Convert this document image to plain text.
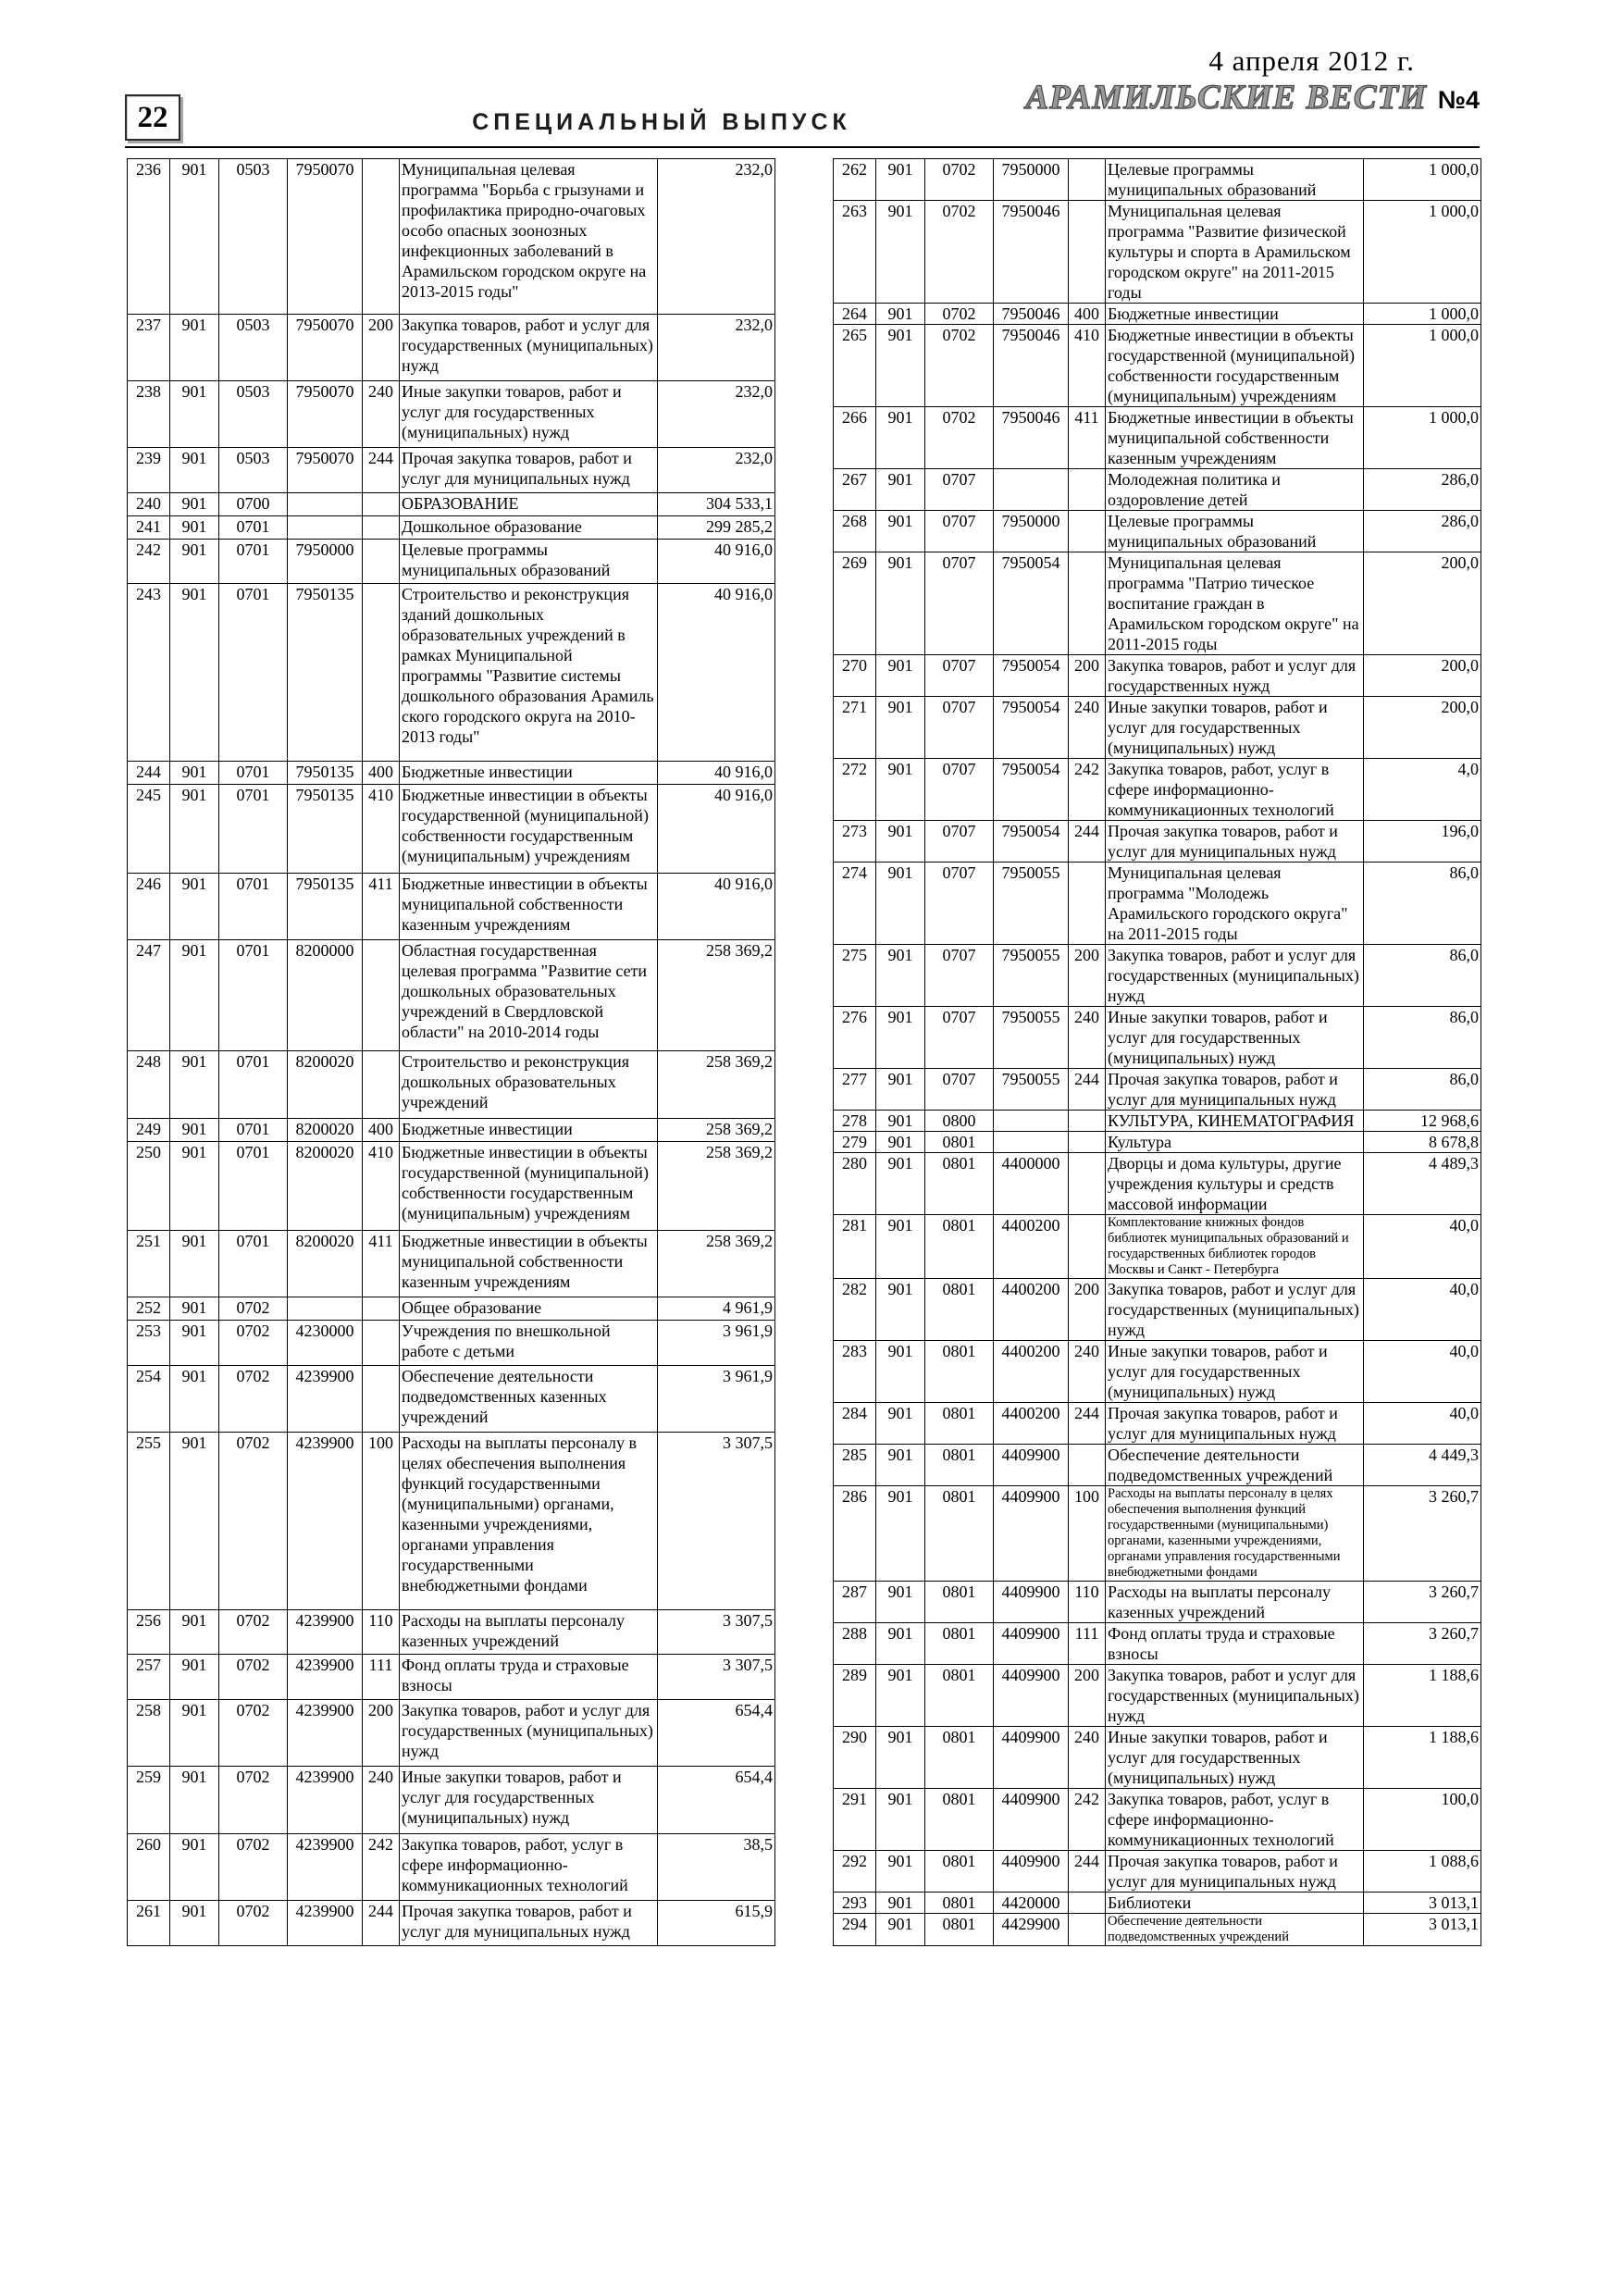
22	СПЕЦИАЛЬНЫЙ ВЫПУСК
4 апреля 2012 г.
АРАМИЛЬСКИЕ ВЕСТИ №4
236	901	0503	7950070		Муниципальная целевая программа "Борьба с грызунами и профилактика природно-очаговых особо опасных зоонозных инфекционных заболеваний в Арамильском городском округе на 2013-2015 годы"	232,0
237	901	0503	7950070	200	Закупка товаров, работ и услуг для государственных (муниципальных) нужд	232,0
238	901	0503	7950070	240	Иные закупки товаров, работ и услуг для государственных (муниципальных) нужд	232,0
239	901	0503	7950070	244	Прочая закупка товаров, работ и услуг для муниципальных нужд	232,0
240	901	0700			ОБРАЗОВАНИЕ	304 533,1
241	901	0701			Дошкольное образование	299 285,2
242	901	0701	7950000		Целевые программы муниципальных образований	40 916,0
243	901	0701	7950135		Строительство и реконструкция зданий дошкольных образовательных учреждений в рамках Муниципальной программы "Развитие системы дошкольного образования Арамиль ского городского округа на 2010-2013 годы"	40 916,0
244	901	0701	7950135	400	Бюджетные инвестиции	40 916,0
245	901	0701	7950135	410	Бюджетные инвестиции в объекты государственной (муниципальной) собственности государственным (муниципальным) учреждениям	40 916,0
246	901	0701	7950135	411	Бюджетные инвестиции в объекты муниципальной собственности казенным учреждениям	40 916,0
247	901	0701	8200000		Областная государственная целевая программа "Развитие сети дошкольных образовательных учреждений в Свердловской области" на 2010-2014 годы	258 369,2
248	901	0701	8200020		Строительство и реконструкция дошкольных образовательных учреждений	258 369,2
249	901	0701	8200020	400	Бюджетные инвестиции	258 369,2
250	901	0701	8200020	410	Бюджетные инвестиции в объекты государственной (муниципальной) собственности государственным (муниципальным) учреждениям	258 369,2
251	901	0701	8200020	411	Бюджетные инвестиции в объекты муниципальной собственности казенным учреждениям	258 369,2
252	901	0702			Общее образование	4 961,9
253	901	0702	4230000		Учреждения по внешкольной работе с детьми	3 961,9
254	901	0702	4239900		Обеспечение деятельности подведомственных казенных учреждений	3 961,9
255	901	0702	4239900	100	Расходы на выплаты персоналу в целях обеспечения выполнения функций государственными (муниципальными) органами, казенными учреждениями, органами управления государственными внебюджетными фондами	3 307,5
256	901	0702	4239900	110	Расходы на выплаты персоналу казенных учреждений	3 307,5
257	901	0702	4239900	111	Фонд оплаты труда и страховые взносы	3 307,5
258	901	0702	4239900	200	Закупка товаров, работ и услуг для государственных (муниципальных) нужд	654,4
259	901	0702	4239900	240	Иные закупки товаров, работ и услуг для государственных (муниципальных) нужд	654,4
260	901	0702	4239900	242	Закупка товаров, работ, услуг в сфере информационно-коммуникационных технологий	38,5
261	901	0702	4239900	244	Прочая закупка товаров, работ и услуг для муниципальных нужд	615,9
262	901	0702	7950000		Целевые программы муниципальных образований	1 000,0
263	901	0702	7950046		Муниципальная целевая программа "Развитие физической культуры и спорта в Арамильском городском округе" на 2011-2015 годы	1 000,0
264	901	0702	7950046	400	Бюджетные инвестиции	1 000,0
265	901	0702	7950046	410	Бюджетные инвестиции в объекты государственной (муниципальной) собственности государственным (муниципальным) учреждениям	1 000,0
266	901	0702	7950046	411	Бюджетные инвестиции в объекты муниципальной собственности казенным учреждениям	1 000,0
267	901	0707			Молодежная политика и оздоровление детей	286,0
268	901	0707	7950000		Целевые программы муниципальных образований	286,0
269	901	0707	7950054		Муниципальная целевая программа "Патрио тическое воспитание граждан в Арамильском городском округе" на 2011-2015 годы	200,0
270	901	0707	7950054	200	Закупка товаров, работ и услуг для государственных нужд	200,0
271	901	0707	7950054	240	Иные закупки товаров, работ и услуг для государственных (муниципальных) нужд	200,0
272	901	0707	7950054	242	Закупка товаров, работ, услуг в сфере информационно-коммуникационных технологий	4,0
273	901	0707	7950054	244	Прочая закупка товаров, работ и услуг для муниципальных нужд	196,0
274	901	0707	7950055		Муниципальная целевая программа "Молодежь Арамильского городского округа" на 2011-2015 годы	86,0
275	901	0707	7950055	200	Закупка товаров, работ и услуг для государственных (муниципальных) нужд	86,0
276	901	0707	7950055	240	Иные закупки товаров, работ и услуг для государственных (муниципальных) нужд	86,0
277	901	0707	7950055	244	Прочая закупка товаров, работ и услуг для муниципальных нужд	86,0
278	901	0800			КУЛЬТУРА, КИНЕМАТОГРАФИЯ	12 968,6
279	901	0801			Культура	8 678,8
280	901	0801	4400000		Дворцы и дома культуры, другие учреждения культуры и средств массовой информации	4 489,3
281	901	0801	4400200		Комплектование книжных фондов библиотек муниципальных образований и государственных библиотек городов Москвы и Санкт - Петербурга	40,0
282	901	0801	4400200	200	Закупка товаров, работ и услуг для государственных (муниципальных) нужд	40,0
283	901	0801	4400200	240	Иные закупки товаров, работ и услуг для государственных (муниципальных) нужд	40,0
284	901	0801	4400200	244	Прочая закупка товаров, работ и услуг для муниципальных нужд	40,0
285	901	0801	4409900		Обеспечение деятельности подведомственных учреждений	4 449,3
286	901	0801	4409900	100	Расходы на выплаты персоналу в целях обеспечения выполнения функций государственными (муниципальными) органами, казенными учреждениями, органами управления государственными внебюджетными фондами	3 260,7
287	901	0801	4409900	110	Расходы на выплаты персоналу казенных учреждений	3 260,7
288	901	0801	4409900	111	Фонд оплаты труда и страховые взносы	3 260,7
289	901	0801	4409900	200	Закупка товаров, работ и услуг для государственных (муниципальных) нужд	1 188,6
290	901	0801	4409900	240	Иные закупки товаров, работ и услуг для государственных (муниципальных) нужд	1 188,6
291	901	0801	4409900	242	Закупка товаров, работ, услуг в сфере информационно-коммуникационных технологий	100,0
292	901	0801	4409900	244	Прочая закупка товаров, работ и услуг для муниципальных нужд	1 088,6
293	901	0801	4420000		Библиотеки	3 013,1
294	901	0801	4429900		Обеспечение деятельности подведомственных учреждений	3 013,1
